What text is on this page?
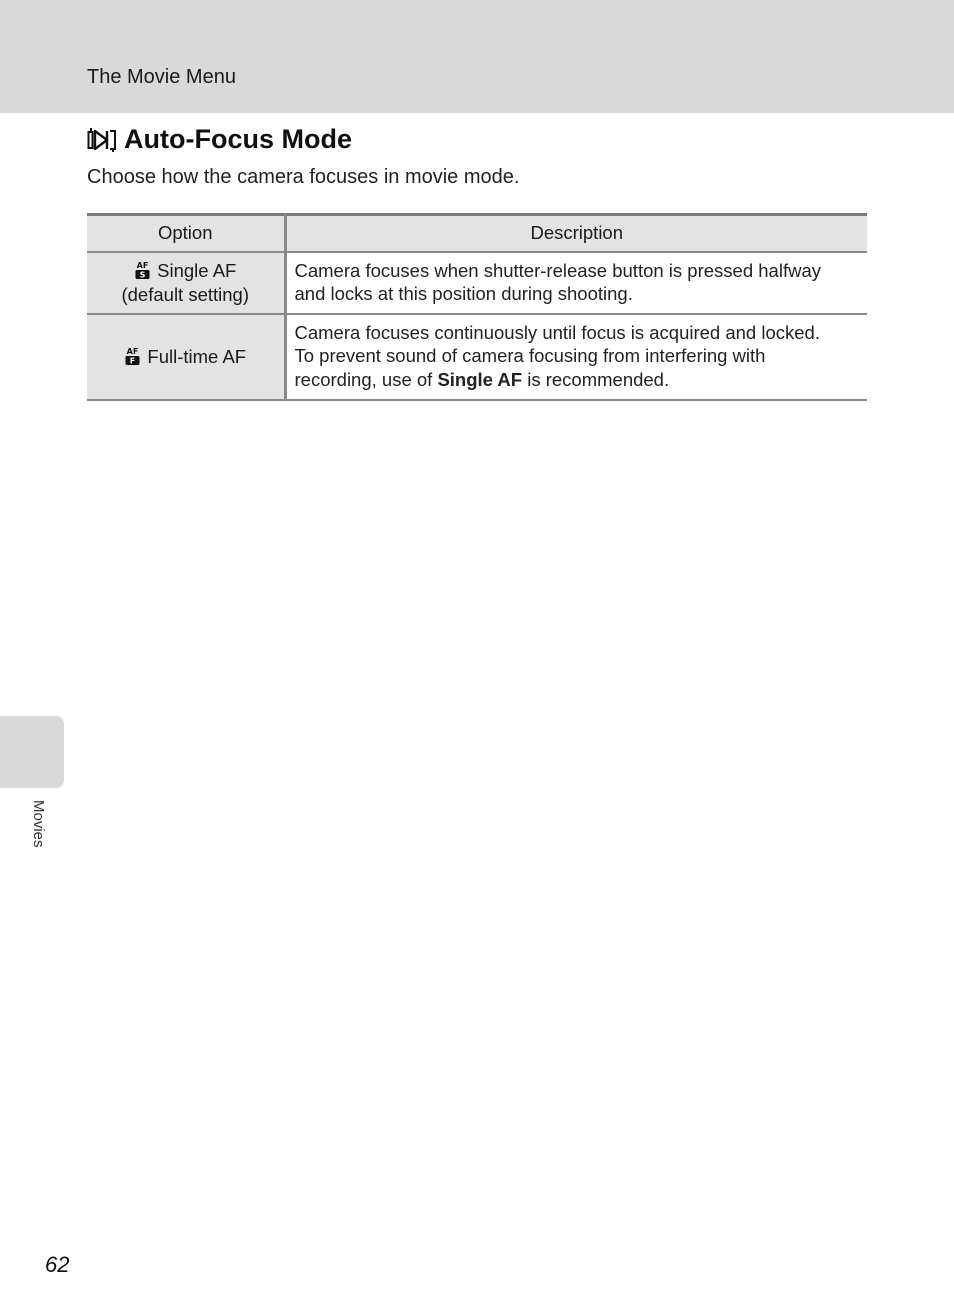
The Movie Menu
Auto-Focus Mode
Choose how the camera focuses in movie mode.
Option	Description

AF
S Single AF
(default setting)	Camera focuses when shutter-release button is pressed halfway
and locks at this position during shooting.

AF
F Full-time AF	Camera focuses continuously until focus is acquired and locked.
To prevent sound of camera focusing from interfering with
recording, use of Single AF is recommended.
Movies
62
